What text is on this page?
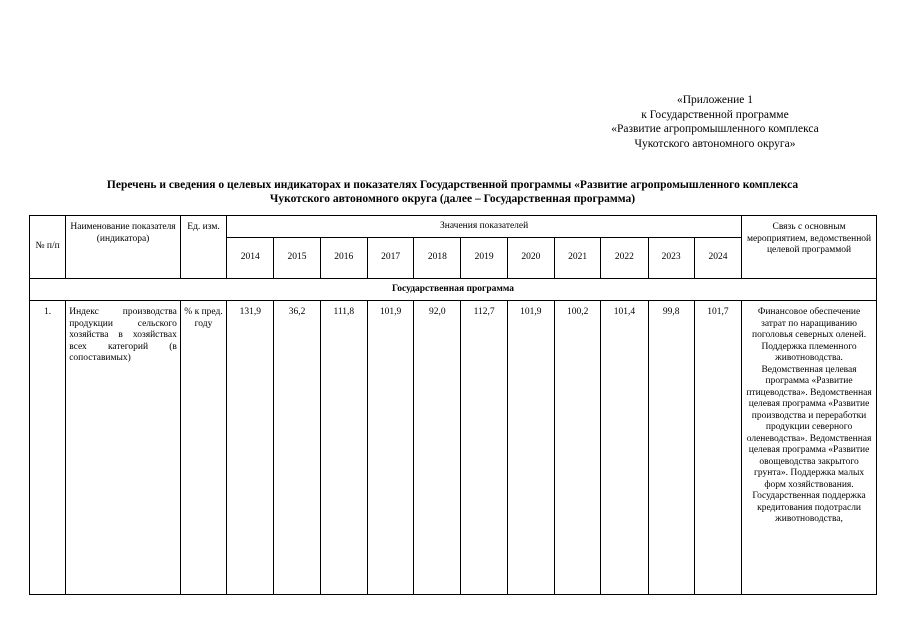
«Приложение 1
к Государственной программе
«Развитие агропромышленного комплекса
Чукотского автономного округа»
Перечень и сведения о целевых индикаторах и показателях Государственной программы «Развитие агропромышленного комплекса
Чукотского автономного округа (далее – Государственная программа)
№ п/п	Наименование показателя (индикатора)	Ед. изм.	Значения показателей											Связь с основным мероприятием, ведомственной целевой программой
			2014	2015	2016	2017	2018	2019	2020	2021	2022	2023	2024	
Государственная программа														
1.	Индекс производства продукции сельского хозяйства в хозяйствах всех категорий (в сопоставимых)	% к пред. году	131,9	36,2	111,8	101,9	92,0	112,7	101,9	100,2	101,4	99,8	101,7	Финансовое обеспечение затрат по наращиванию поголовья северных оленей. Поддержка племенного животноводства. Ведомственная целевая программа «Развитие птицеводства». Ведомственная целевая программа «Развитие производства и переработки продукции северного оленеводства». Ведомственная целевая программа «Развитие овощеводства закрытого грунта». Поддержка малых форм хозяйствования. Государственная поддержка кредитования подотрасли животноводства,
